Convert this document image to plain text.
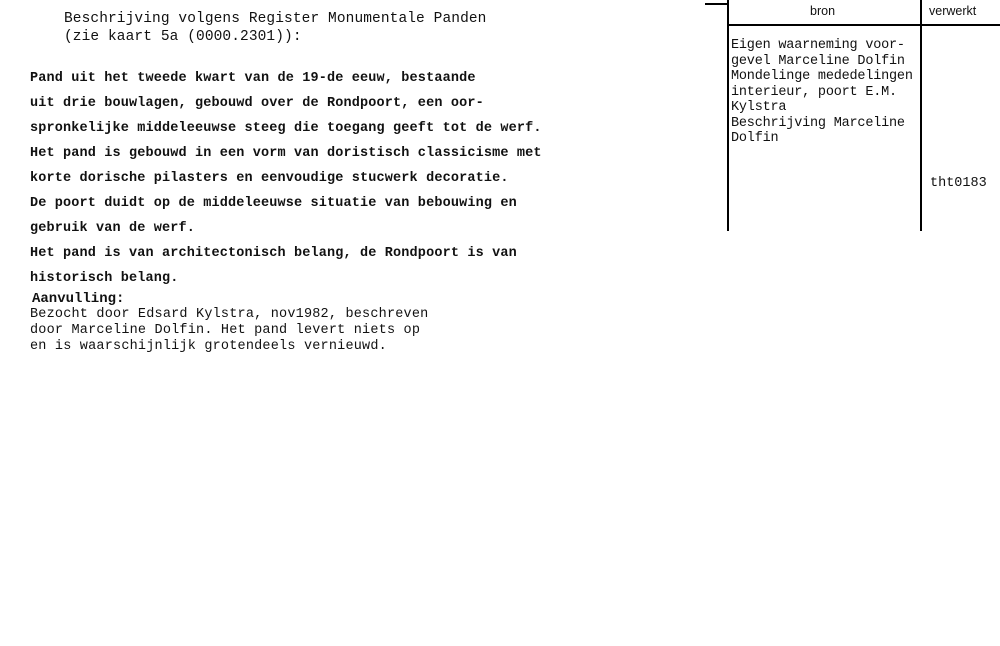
Beschrijving volgens Register Monumentale Panden
(zie kaart 5a (0000.2301)):
Pand uit het tweede kwart van de 19-de eeuw, bestaande
uit drie bouwlagen, gebouwd over de Rondpoort, een oor-
spronkelijke middeleeuwse steeg die toegang geeft tot de werf.
Het pand is gebouwd in een vorm van doristisch classicisme met
korte dorische pilasters en eenvoudige stucwerk decoratie.
De poort duidt op de middeleeuwse situatie van bebouwing en
gebruik van de werf.
Het pand is van architectonisch belang, de Rondpoort is van
historisch belang.
Aanvulling:
Bezocht door Edsard Kylstra, nov1982, beschreven
door Marceline Dolfin. Het pand levert niets op
en is waarschijnlijk grotendeels vernieuwd.
bron	verwerkt
Eigen waarneming voor-
gevel Marceline Dolfin
Mondelinge mededelingen
interieur, poort E.M.
Kylstra
Beschrijving Marceline
Dolfin
tht0183
